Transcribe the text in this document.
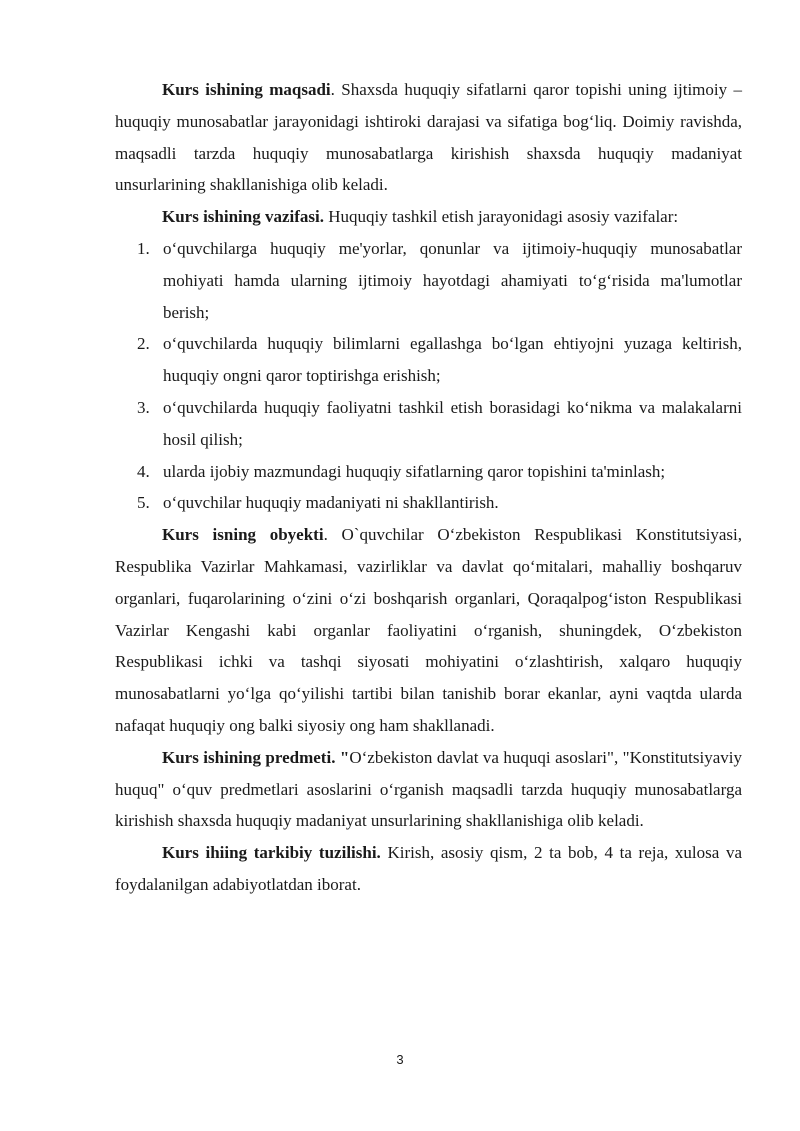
Kurs ishining maqsadi. Shaxsda huquqiy sifatlarni qaror topishi uning ijtimoiy – huquqiy munosabatlar jarayonidagi ishtiroki darajasi va sifatiga bog‘liq. Doimiy ravishda, maqsadli tarzda huquqiy munosabatlarga kirishish shaxsda huquqiy madaniyat unsurlarining shakllanishiga olib keladi.

Kurs ishining vazifasi. Huquqiy tashkil etish jarayonidagi asosiy vazifalar:

1. o‘quvchilarga huquqiy me'yorlar, qonunlar va ijtimoiy-huquqiy munosabatlar mohiyati hamda ularning ijtimoiy hayotdagi ahamiyati to‘g‘risida ma'lumotlar berish;
2. o‘quvchilarda huquqiy bilimlarni egallashga bo‘lgan ehtiyojni yuzaga keltirish, huquqiy ongni qaror toptirishga erishish;
3. o‘quvchilarda huquqiy faoliyatni tashkil etish borasidagi ko‘nikma va malakalarni hosil qilish;
4. ularda ijobiy mazmundagi huquqiy sifatlarning qaror topishini ta'minlash;
5. o‘quvchilar huquqiy madaniyati ni shakllantirish.

Kurs isning obyekti. O`quvchilar O‘zbekiston Respublikasi Konstitutsiyasi, Respublika Vazirlar Mahkamasi, vazirliklar va davlat qo‘mitalari, mahalliy boshqaruv organlari, fuqarolarining o‘zini o‘zi boshqarish organlari, Qoraqalpog‘iston Respublikasi Vazirlar Kengashi kabi organlar faoliyatini o‘rganish, shuningdek, O‘zbekiston Respublikasi ichki va tashqi siyosati mohiyatini o‘zlashtirish, xalqaro huquqiy munosabatlarni yo‘lga qo‘yilishi tartibi bilan tanishib borar ekanlar, ayni vaqtda ularda nafaqat huquqiy ong balki siyosiy ong ham shakllanadi.

Kurs ishining predmeti. "O‘zbekiston davlat va huquqi asoslari", "Konstitutsiyaviy huquq" o‘quv predmetlari asoslarini o‘rganish maqsadli tarzda huquqiy munosabatlarga kirishish shaxsda huquqiy madaniyat unsurlarining shakllanishiga olib keladi.

Kurs ihiing tarkibiy tuzilishi. Kirish, asosiy qism, 2 ta bob, 4 ta reja, xulosa va foydalanilgan adabiyotlatdan iborat.

3
